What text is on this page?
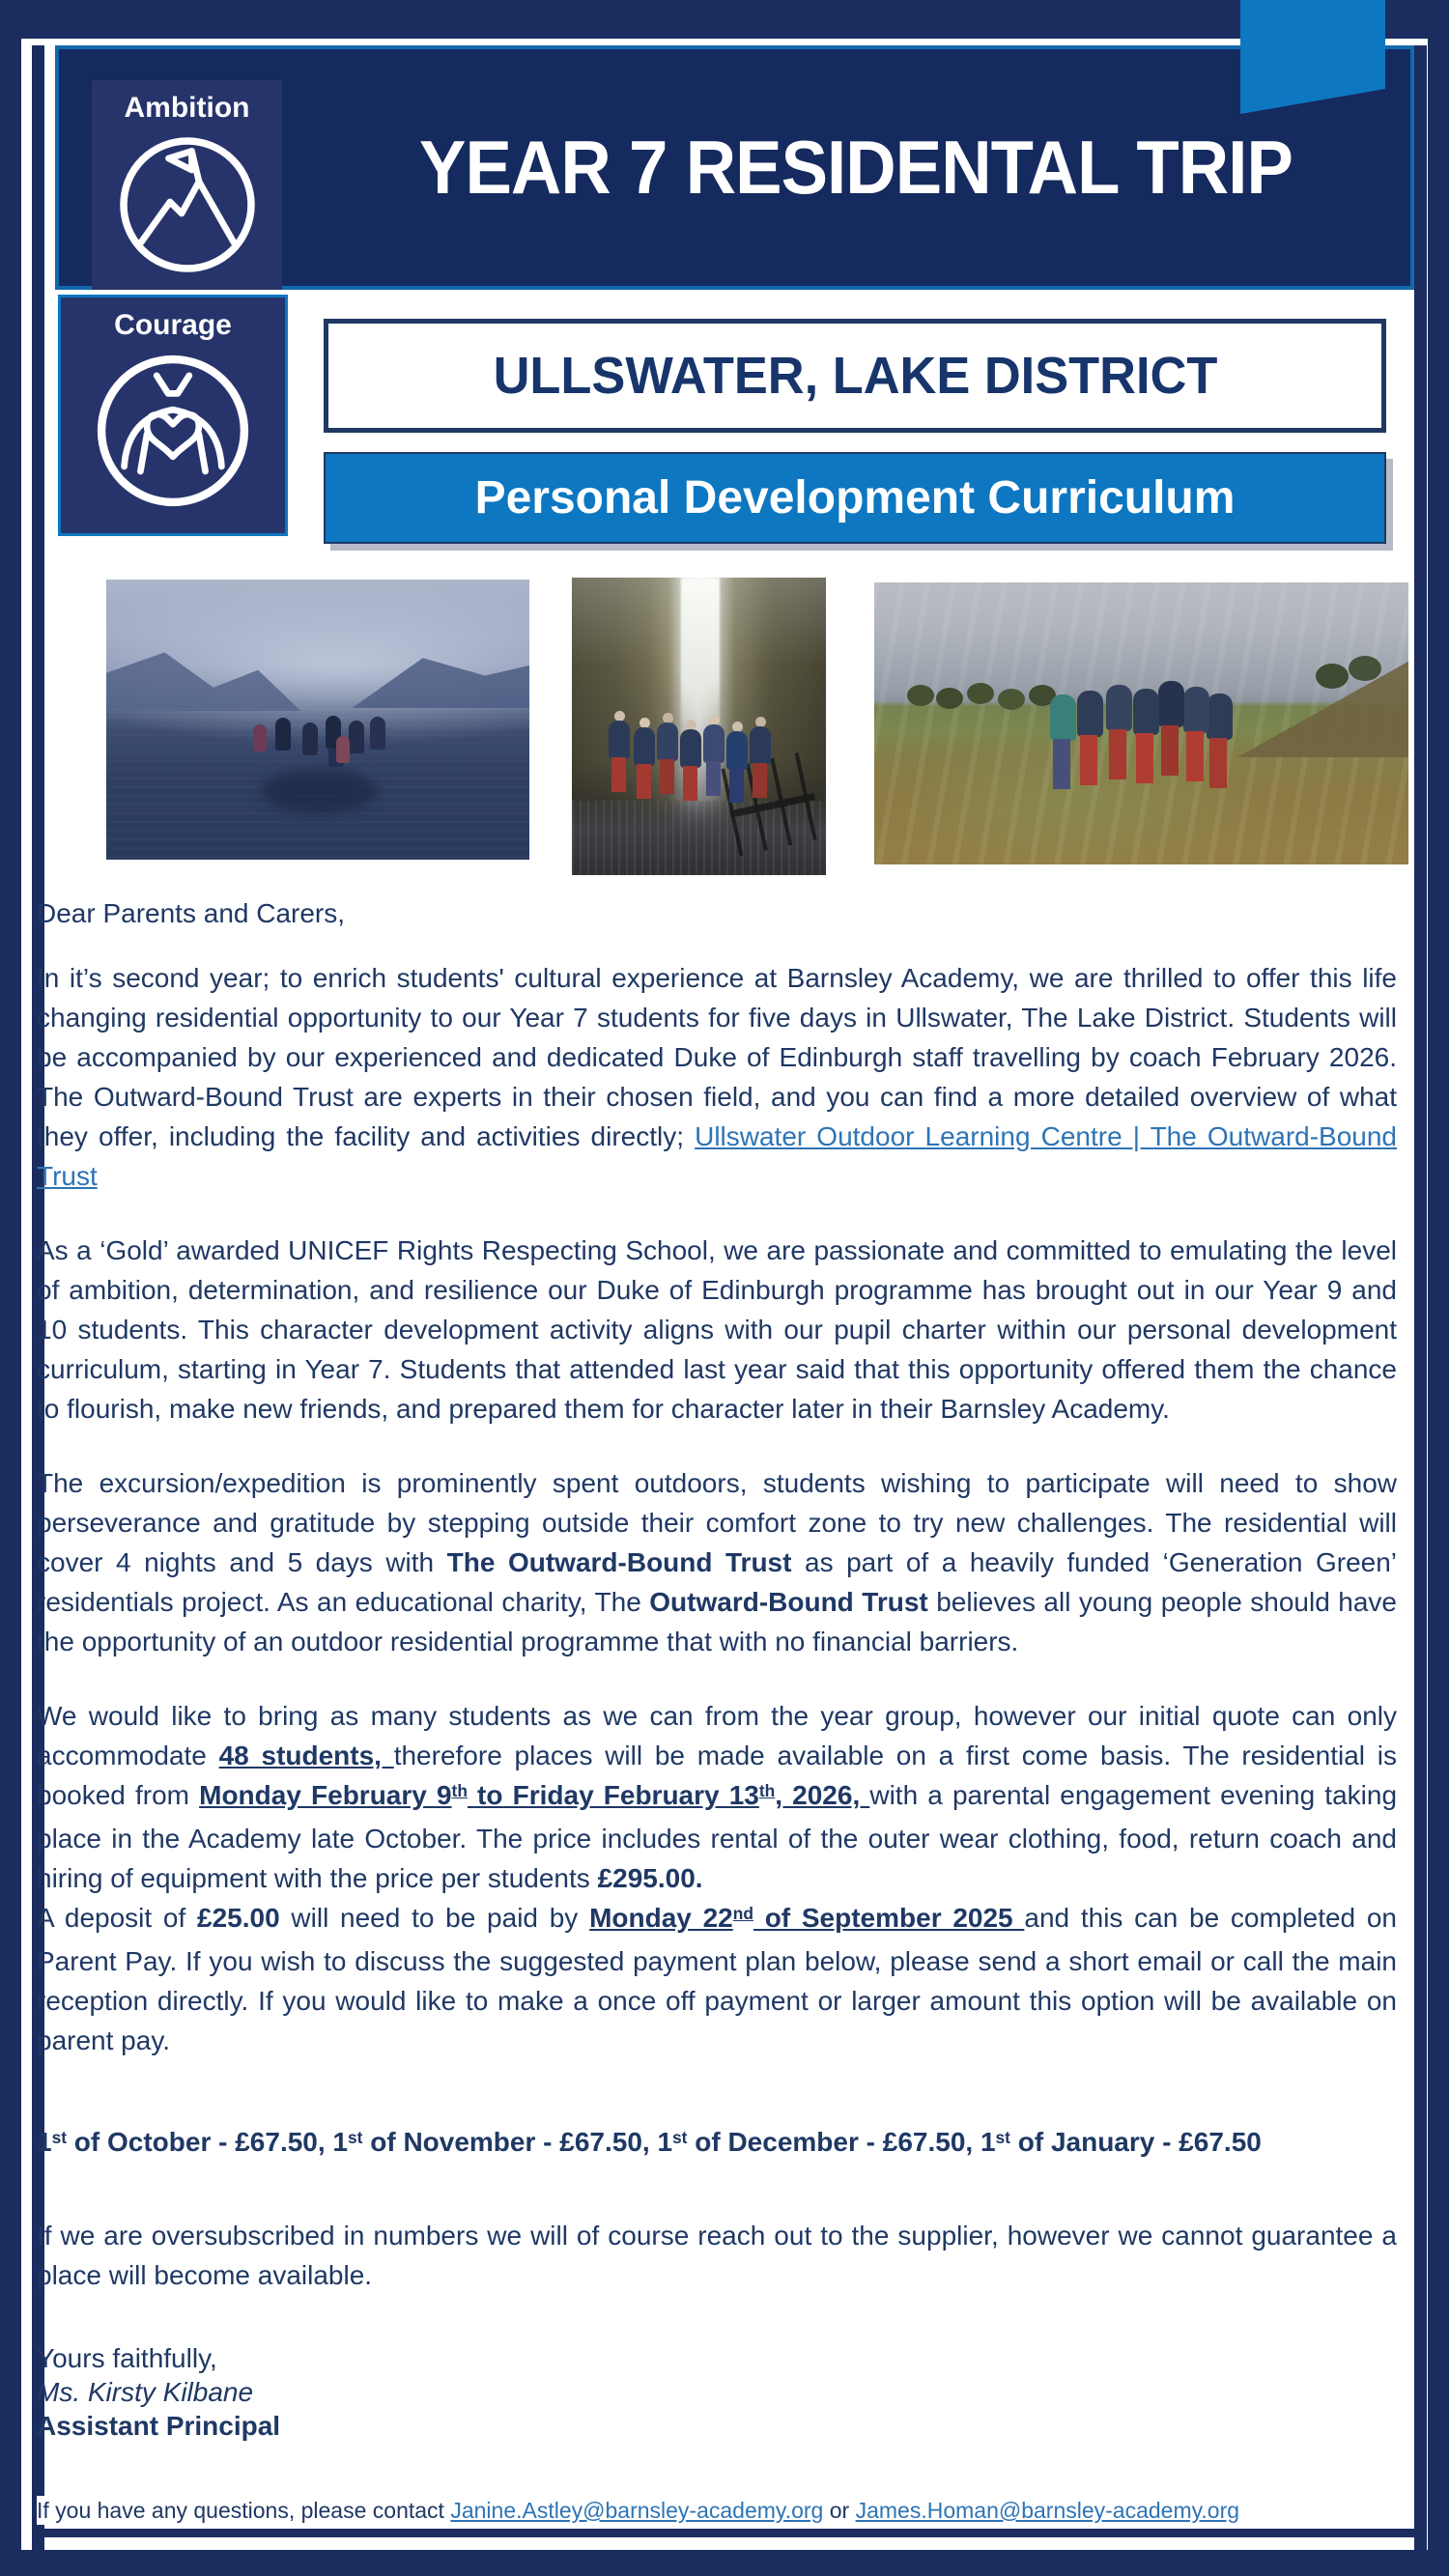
YEAR 7 RESIDENTAL TRIP
Ambition
Courage
ULLSWATER, LAKE DISTRICT
Personal Development Curriculum

Dear Parents and Carers,

In it’s second year; to enrich students' cultural experience at Barnsley Academy, we are thrilled to offer this life changing residential opportunity to our Year 7 students for five days in Ullswater, The Lake District. Students will be accompanied by our experienced and dedicated Duke of Edinburgh staff travelling by coach February 2026. The Outward-Bound Trust are experts in their chosen field, and you can find a more detailed overview of what they offer, including the facility and activities directly; Ullswater Outdoor Learning Centre | The Outward-Bound Trust

As a ‘Gold’ awarded UNICEF Rights Respecting School, we are passionate and committed to emulating the level of ambition, determination, and resilience our Duke of Edinburgh programme has brought out in our Year 9 and 10 students. This character development activity aligns with our pupil charter within our personal development curriculum, starting in Year 7. Students that attended last year said that this opportunity offered them the chance to flourish, make new friends, and prepared them for character later in their Barnsley Academy.

The excursion/expedition is prominently spent outdoors, students wishing to participate will need to show perseverance and gratitude by stepping outside their comfort zone to try new challenges. The residential will cover 4 nights and 5 days with The Outward-Bound Trust as part of a heavily funded ‘Generation Green’ residentials project. As an educational charity, The Outward-Bound Trust believes all young people should have the opportunity of an outdoor residential programme that with no financial barriers.

We would like to bring as many students as we can from the year group, however our initial quote can only accommodate 48 students, therefore places will be made available on a first come basis. The residential is booked from Monday February 9th to Friday February 13th, 2026, with a parental engagement evening taking place in the Academy late October. The price includes rental of the outer wear clothing, food, return coach and hiring of equipment with the price per students £295.00.
A deposit of £25.00 will need to be paid by Monday 22nd of September 2025 and this can be completed on Parent Pay. If you wish to discuss the suggested payment plan below, please send a short email or call the main reception directly. If you would like to make a once off payment or larger amount this option will be available on parent pay.

1st of October - £67.50, 1st of November - £67.50, 1st of December - £67.50, 1st of January - £67.50

If we are oversubscribed in numbers we will of course reach out to the supplier, however we cannot guarantee a place will become available.

Yours faithfully,
Ms. Kirsty Kilbane
Assistant Principal
If you have any questions, please contact Janine.Astley@barnsley-academy.org or James.Homan@barnsley-academy.org
